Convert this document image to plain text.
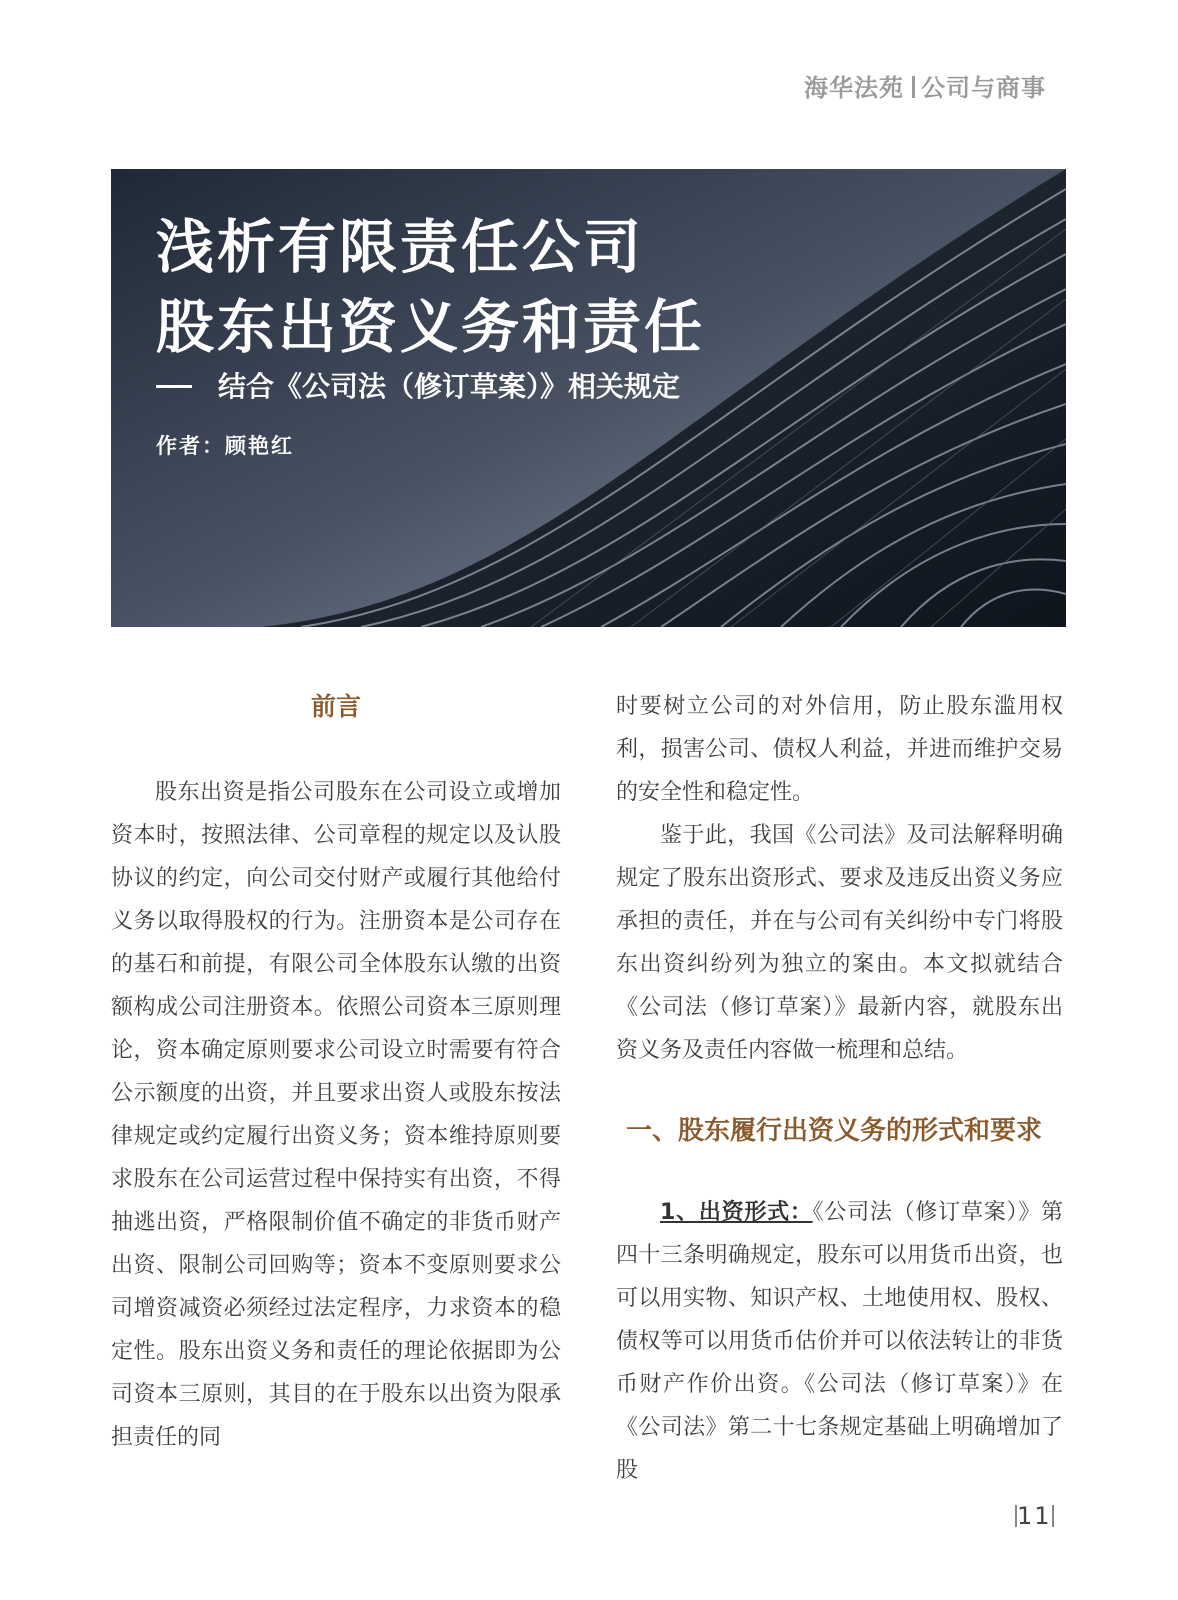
海华法苑 公司与商事
浅析有限责任公司
股东出资义务和责任
结合《公司法（修订草案）》相关规定
作者：顾艳红
前言

股东出资是指公司股东在公司设立或增加资本时，按照法律、公司章程的规定以及认股协议的约定，向公司交付财产或履行其他给付义务以取得股权的行为。注册资本是公司存在的基石和前提，有限公司全体股东认缴的出资额构成公司注册资本。依照公司资本三原则理论，资本确定原则要求公司设立时需要有符合公示额度的出资，并且要求出资人或股东按法律规定或约定履行出资义务；资本维持原则要求股东在公司运营过程中保持实有出资，不得抽逃出资，严格限制价值不确定的非货币财产出资、限制公司回购等；资本不变原则要求公司增资减资必须经过法定程序，力求资本的稳定性。股东出资义务和责任的理论依据即为公司资本三原则，其目的在于股东以出资为限承担责任的同

时要树立公司的对外信用，防止股东滥用权利，损害公司、债权人利益，并进而维护交易的安全性和稳定性。

鉴于此，我国《公司法》及司法解释明确规定了股东出资形式、要求及违反出资义务应承担的责任，并在与公司有关纠纷中专门将股东出资纠纷列为独立的案由。本文拟就结合《公司法（修订草案）》最新内容，就股东出资义务及责任内容做一梳理和总结。

一、股东履行出资义务的形式和要求

1、出资形式：《公司法（修订草案）》第四十三条明确规定，股东可以用货币出资，也可以用实物、知识产权、土地使用权、股权、债权等可以用货币估价并可以依法转让的非货币财产作价出资。《公司法（修订草案）》在《公司法》第二十七条规定基础上明确增加了股

11
